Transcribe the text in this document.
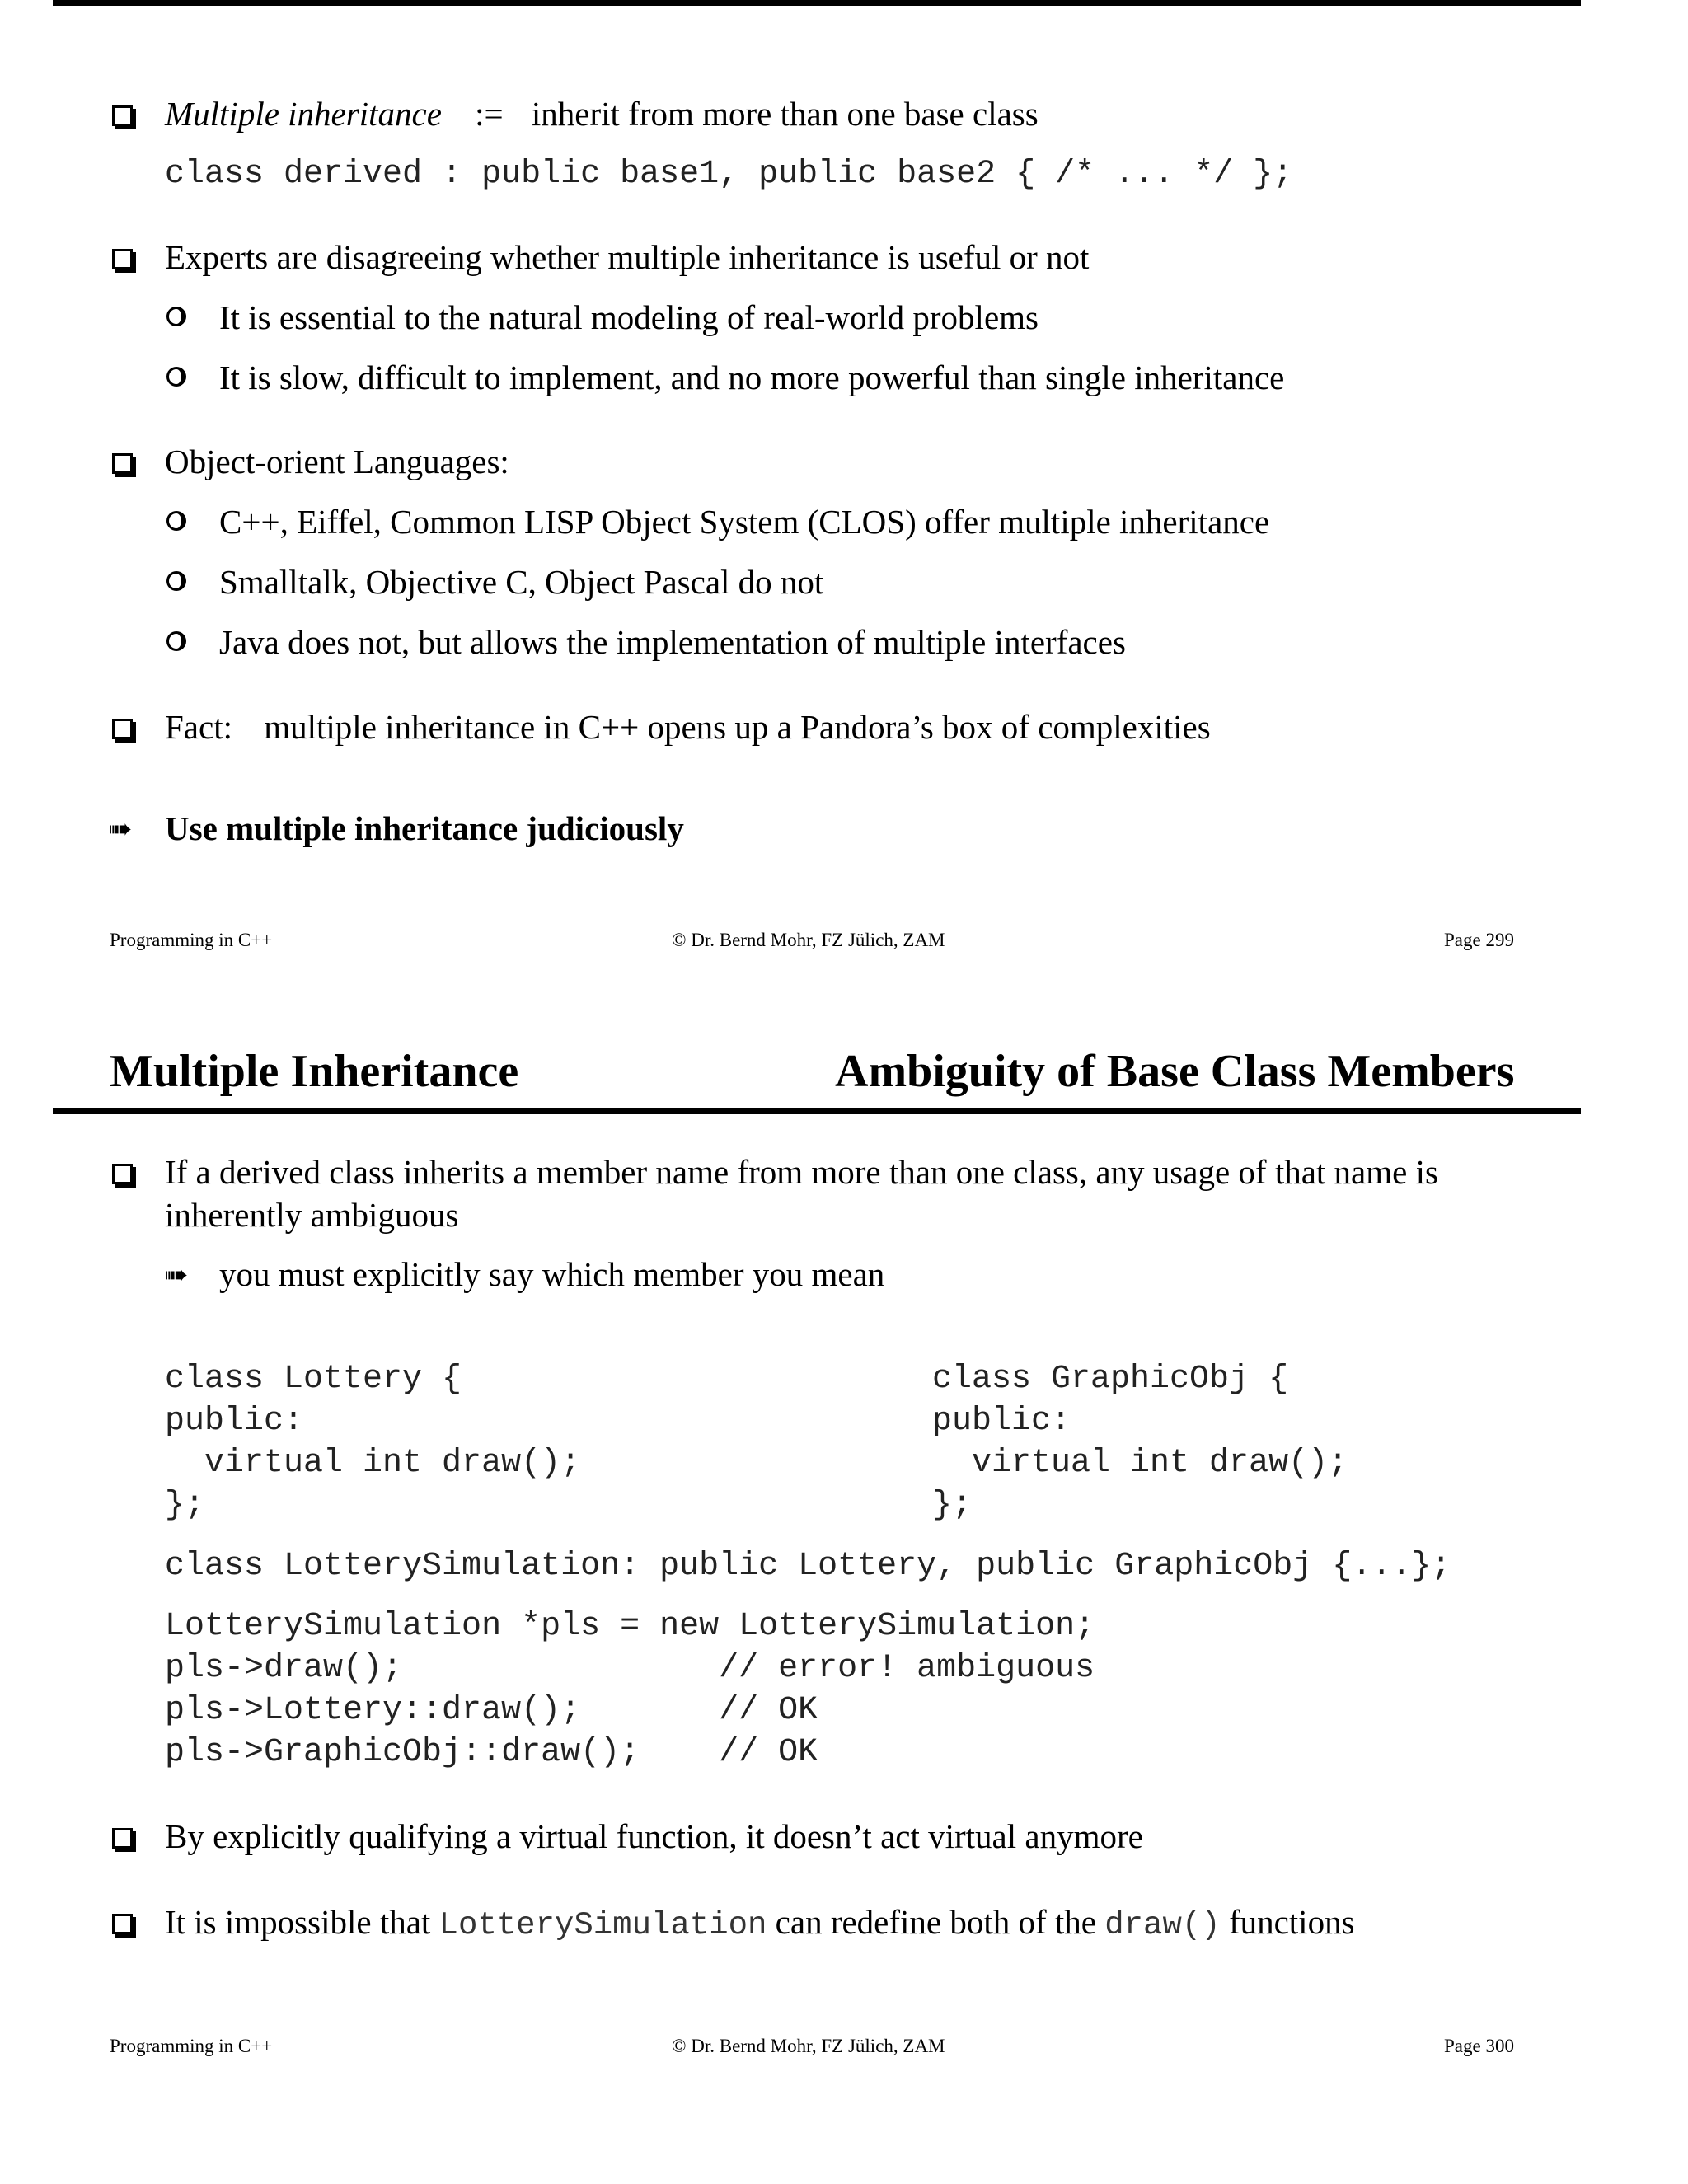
Multiple inheritance := inherit from more than one base class
class derived : public base1, public base2 { /* ... */ };
Experts are disagreeing whether multiple inheritance is useful or not
It is essential to the natural modeling of real-world problems
It is slow, difficult to implement, and no more powerful than single inheritance
Object-orient Languages:
C++, Eiffel, Common LISP Object System (CLOS) offer multiple inheritance
Smalltalk, Objective C, Object Pascal do not
Java does not, but allows the implementation of multiple interfaces
Fact: multiple inheritance in C++ opens up a Pandora’s box of complexities
➠ Use multiple inheritance judiciously
Programming in C++	© Dr. Bernd Mohr, FZ Jülich, ZAM	Page 299
Multiple Inheritance	Ambiguity of Base Class Members
If a derived class inherits a member name from more than one class, any usage of that name is
inherently ambiguous
➠ you must explicitly say which member you mean
class Lottery {
public:
virtual int draw();
};
class GraphicObj {
public:
virtual int draw();
};
class LotterySimulation: public Lottery, public GraphicObj {...};
LotterySimulation *pls = new LotterySimulation;
pls->draw();                // error! ambiguous
pls->Lottery::draw();       // OK
pls->GraphicObj::draw();    // OK
By explicitly qualifying a virtual function, it doesn’t act virtual anymore
It is impossible that LotterySimulation can redefine both of the draw() functions
Programming in C++	© Dr. Bernd Mohr, FZ Jülich, ZAM	Page 300
